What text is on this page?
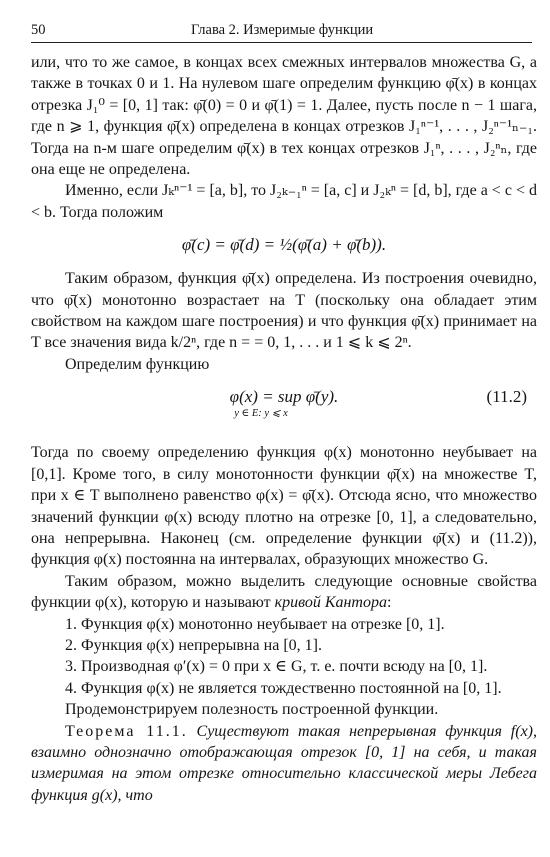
50	Глава 2. Измеримые функции

или, что то же самое, в концах всех смежных интервалов множества G, а также в точках 0 и 1. На нулевом шаге определим функцию φ̄(x) в концах отрезка J₁⁰ = [0, 1] так: φ̄(0) = 0 и φ̄(1) = 1. Далее, пусть после n − 1 шага, где n ⩾ 1, функция φ̄(x) определена в концах отрезков J₁ⁿ⁻¹, . . . , J₂ⁿ⁻¹ₙ₋₁. Тогда на n-м шаге определим φ̄(x) в тех концах отрезков J₁ⁿ, . . . , J₂ⁿₙ, где она еще не определена.

Именно, если Jₖⁿ⁻¹ = [a, b], то J₂ₖ₋₁ⁿ = [a, c] и J₂ₖⁿ = [d, b], где a < c < d < b. Тогда положим

φ̄(c) = φ̄(d) = ½(φ̄(a) + φ̄(b)).

Таким образом, функция φ̄(x) определена. Из построения очевидно, что φ̄(x) монотонно возрастает на T (поскольку она обладает этим свойством на каждом шаге построения) и что функция φ̄(x) принимает на T все значения вида k/2ⁿ, где n = = 0, 1, . . . и 1 ⩽ k ⩽ 2ⁿ.

Определим функцию

φ(x) = sup φ̄(y).
y ∈ E: y ⩽ x
(11.2)

Тогда по своему определению функция φ(x) монотонно неубывает на [0,1]. Кроме того, в силу монотонности функции φ̄(x) на множестве T, при x ∈ T выполнено равенство φ(x) = φ̄(x). Отсюда ясно, что множество значений функции φ(x) всюду плотно на отрезке [0, 1], а следовательно, она непрерывна. Наконец (см. определение функции φ̄(x) и (11.2)), функция φ(x) постоянна на интервалах, образующих множество G.

Таким образом, можно выделить следующие основные свойства функции φ(x), которую и называют кривой Кантора:

1. Функция φ(x) монотонно неубывает на отрезке [0, 1].

2. Функция φ(x) непрерывна на [0, 1].

3. Производная φ′(x) = 0 при x ∈ G, т. е. почти всюду на [0, 1].

4. Функция φ(x) не является тождественно постоянной на [0, 1].

Продемонстрируем полезность построенной функции.

Теорема 11.1. Существуют такая непрерывная функция f(x), взаимно однозначно отображающая отрезок [0, 1] на себя, и такая измеримая на этом отрезке относительно классической меры Лебега функция g(x), что
